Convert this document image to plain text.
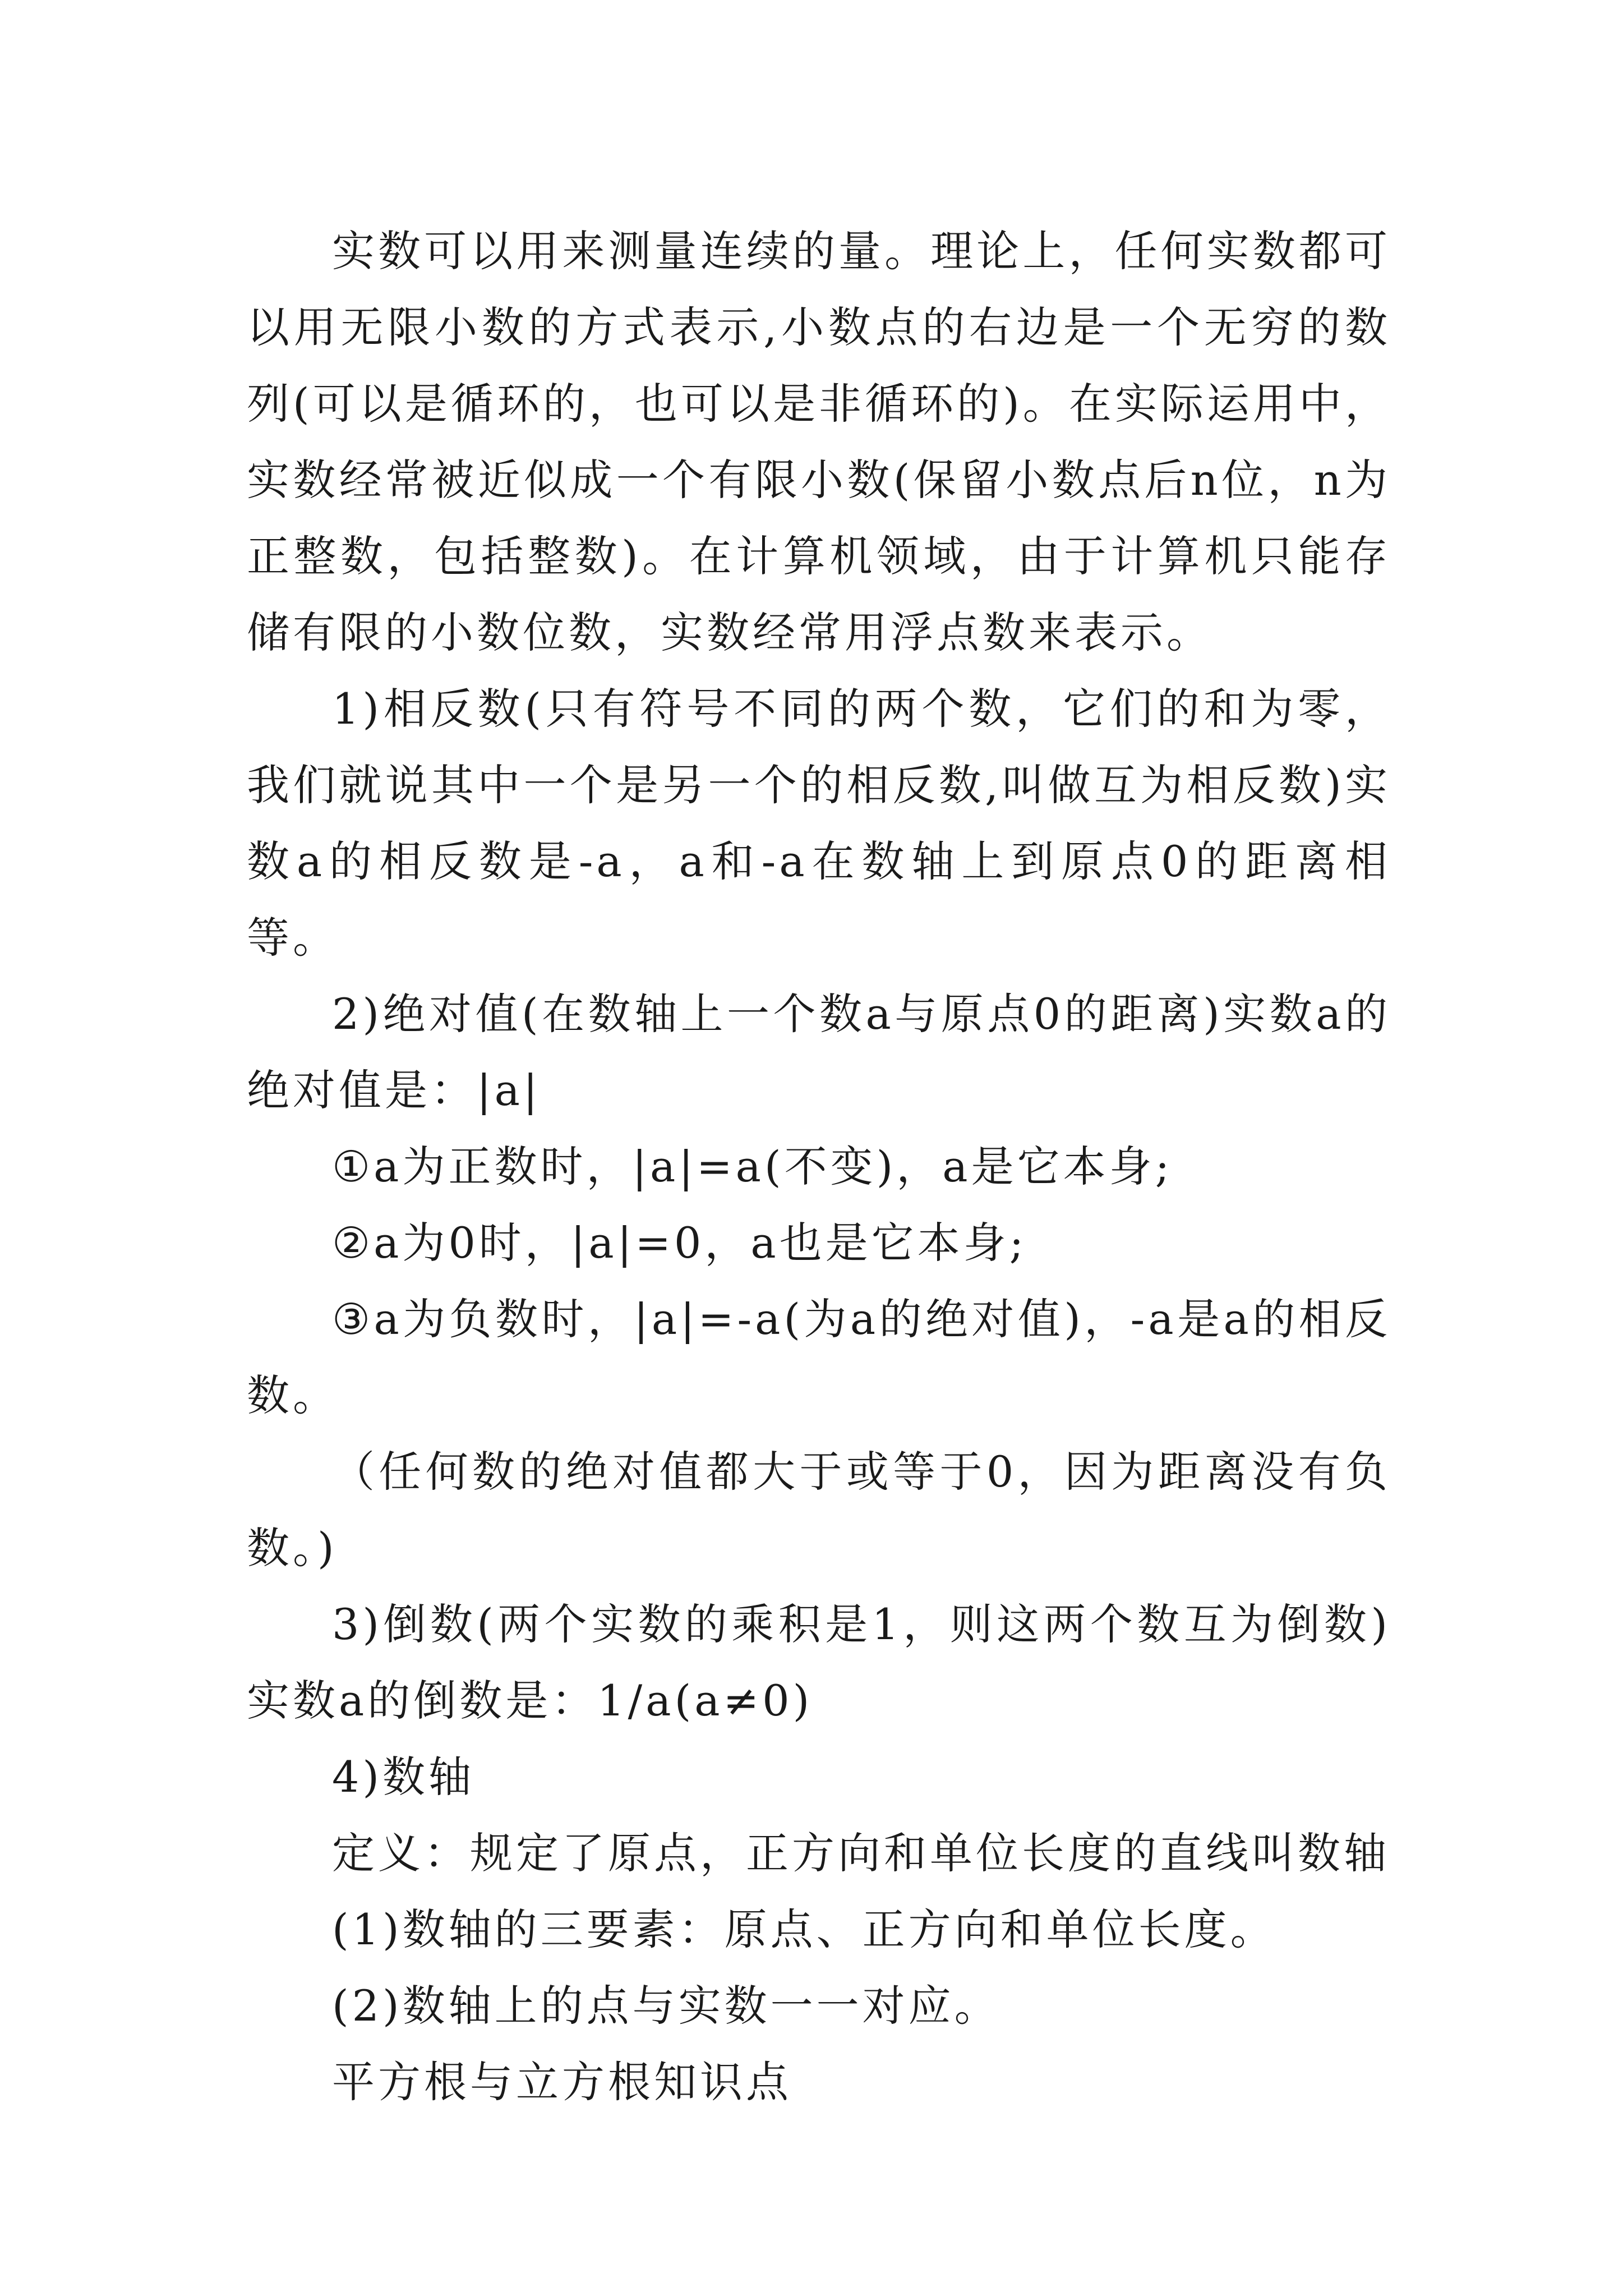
实数可以用来测量连续的量。理论上，任何实数都可以用无限小数的方式表示,小数点的右边是一个无穷的数列(可以是循环的，也可以是非循环的)。在实际运用中，实数经常被近似成一个有限小数(保留小数点后n位，n为正整数，包括整数)。在计算机领域，由于计算机只能存储有限的小数位数，实数经常用浮点数来表示。

1)相反数(只有符号不同的两个数，它们的和为零，我们就说其中一个是另一个的相反数,叫做互为相反数)实数a的相反数是-a，a和-a在数轴上到原点0的距离相等。

2)绝对值(在数轴上一个数a与原点0的距离)实数a的绝对值是：|a|

①a为正数时，|a|=a(不变)，a是它本身;

②a为0时，|a|=0，a也是它本身;

③a为负数时，|a|=-a(为a的绝对值)，-a是a的相反数。

（任何数的绝对值都大于或等于0，因为距离没有负数。)

3)倒数(两个实数的乘积是1，则这两个数互为倒数)实数a的倒数是：1/a(a≠0)

4)数轴

定义：规定了原点，正方向和单位长度的直线叫数轴

(1)数轴的三要素：原点、正方向和单位长度。

(2)数轴上的点与实数一一对应。

平方根与立方根知识点
